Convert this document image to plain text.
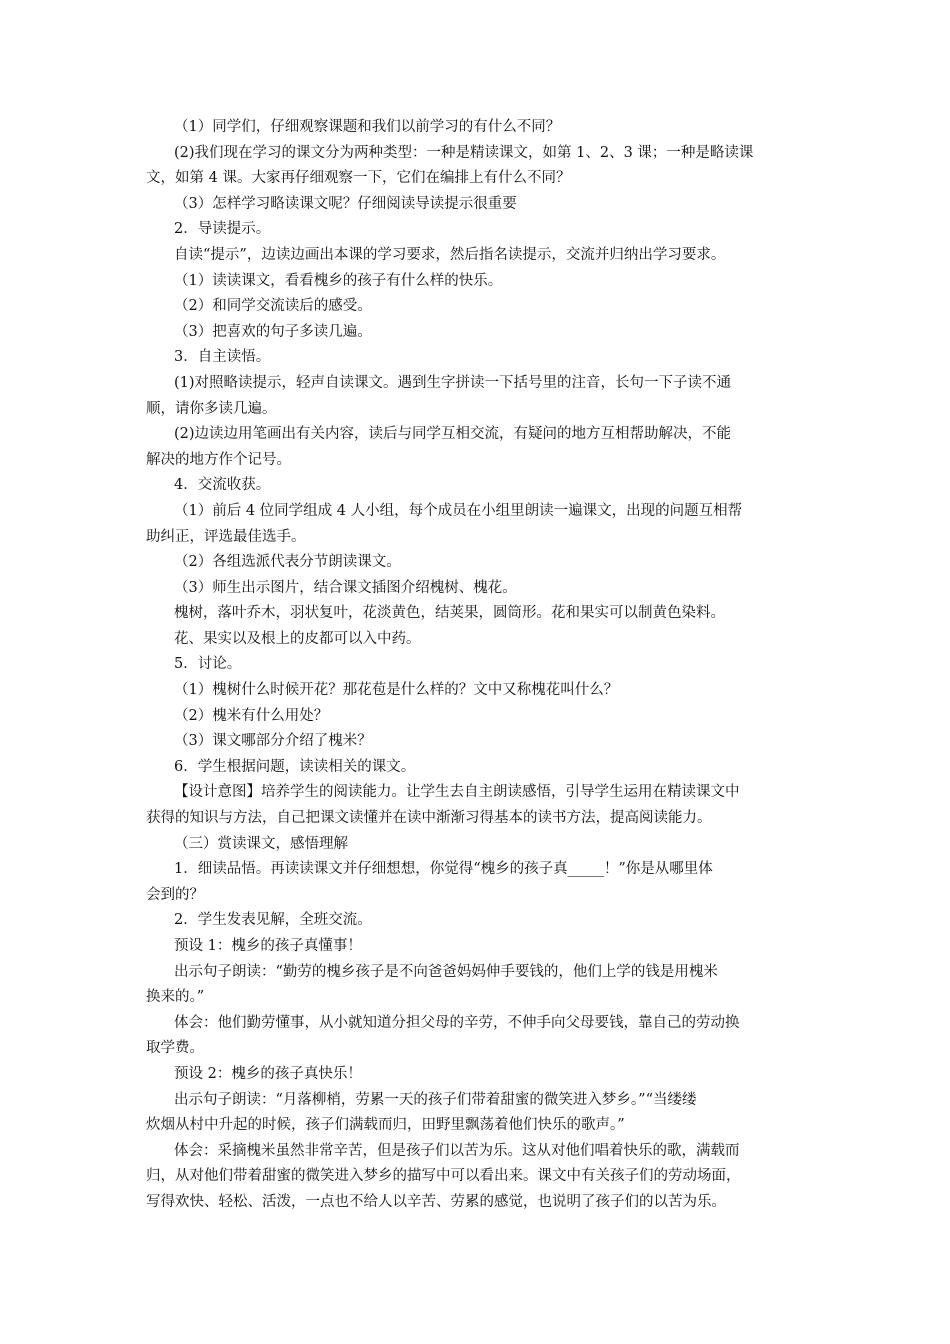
（1）同学们，仔细观察课题和我们以前学习的有什么不同？

(2)我们现在学习的课文分为两种类型：一种是精读课文，如第 1、2、3 课；一种是略读课

文，如第 4 课。大家再仔细观察一下，它们在编排上有什么不同？

（3）怎样学习略读课文呢？仔细阅读导读提示很重要

2．导读提示。

自读“提示”，边读边画出本课的学习要求，然后指名读提示，交流并归纳出学习要求。

（1）读读课文，看看槐乡的孩子有什么样的快乐。

（2）和同学交流读后的感受。

（3）把喜欢的句子多读几遍。

3．自主读悟。

(1)对照略读提示，轻声自读课文。遇到生字拼读一下括号里的注音，长句一下子读不通

顺，请你多读几遍。

(2)边读边用笔画出有关内容，读后与同学互相交流，有疑问的地方互相帮助解决，不能

解决的地方作个记号。

4．交流收获。

（1）前后 4 位同学组成 4 人小组，每个成员在小组里朗读一遍课文，出现的问题互相帮

助纠正，评选最佳选手。

（2）各组选派代表分节朗读课文。

（3）师生出示图片，结合课文插图介绍槐树、槐花。

槐树，落叶乔木，羽状复叶，花淡黄色，结荚果，圆筒形。花和果实可以制黄色染料。

花、果实以及根上的皮都可以入中药。

5．讨论。

（1）槐树什么时候开花？那花苞是什么样的？文中又称槐花叫什么？

（2）槐米有什么用处？

（3）课文哪部分介绍了槐米？

6．学生根据问题，读读相关的课文。

【设计意图】培养学生的阅读能力。让学生去自主朗读感悟，引导学生运用在精读课文中

获得的知识与方法，自己把课文读懂并在读中渐渐习得基本的读书方法，提高阅读能力。

（三）赏读课文，感悟理解

1．细读品悟。再读读课文并仔细想想，你觉得“槐乡的孩子真_____！”你是从哪里体

会到的？

2．学生发表见解，全班交流。

预设 1：槐乡的孩子真懂事！

出示句子朗读：“勤劳的槐乡孩子是不向爸爸妈妈伸手要钱的，他们上学的钱是用槐米

换来的。”

体会：他们勤劳懂事，从小就知道分担父母的辛劳，不伸手向父母要钱，靠自己的劳动换

取学费。

预设 2：槐乡的孩子真快乐！

出示句子朗读：“月落柳梢，劳累一天的孩子们带着甜蜜的微笑进入梦乡。”“当缕缕

炊烟从村中升起的时候，孩子们满载而归，田野里飘荡着他们快乐的歌声。”

体会：采摘槐米虽然非常辛苦，但是孩子们以苦为乐。这从对他们唱着快乐的歌，满载而

归，从对他们带着甜蜜的微笑进入梦乡的描写中可以看出来。课文中有关孩子们的劳动场面，

写得欢快、轻松、活泼，一点也不给人以辛苦、劳累的感觉，也说明了孩子们的以苦为乐。
